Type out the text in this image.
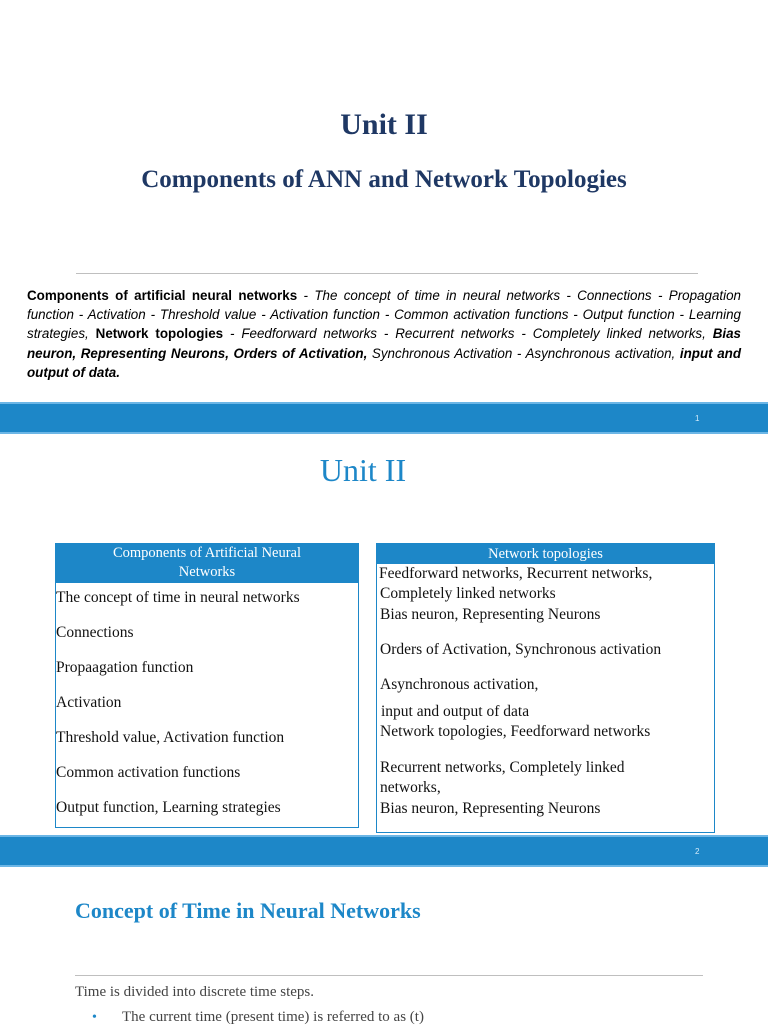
Unit II
Components of ANN and Network Topologies
Components of artificial neural networks - The concept of time in neural networks - Connections - Propagation function - Activation - Threshold value - Activation function - Common activation functions - Output function - Learning strategies, Network topologies - Feedforward networks - Recurrent networks - Completely linked networks, Bias neuron, Representing Neurons, Orders of Activation, Synchronous Activation - Asynchronous activation, input and output of data.
1
Unit II
Components of Artificial Neural
Networks
The concept of time in neural networks
Connections
Propaagation function
Activation
Threshold value, Activation function
Common activation functions
Output function, Learning strategies
Network topologies
Feedforward networks, Recurrent networks,
Completely linked networks
Bias neuron, Representing Neurons
Orders of Activation, Synchronous activation
Asynchronous activation,
input and output of data
Network topologies, Feedforward networks
Recurrent networks, Completely linked
networks,
Bias neuron, Representing Neurons
2
Concept of Time in Neural Networks
Time is divided into discrete time steps.
• The current time (present time) is referred to as (t)
